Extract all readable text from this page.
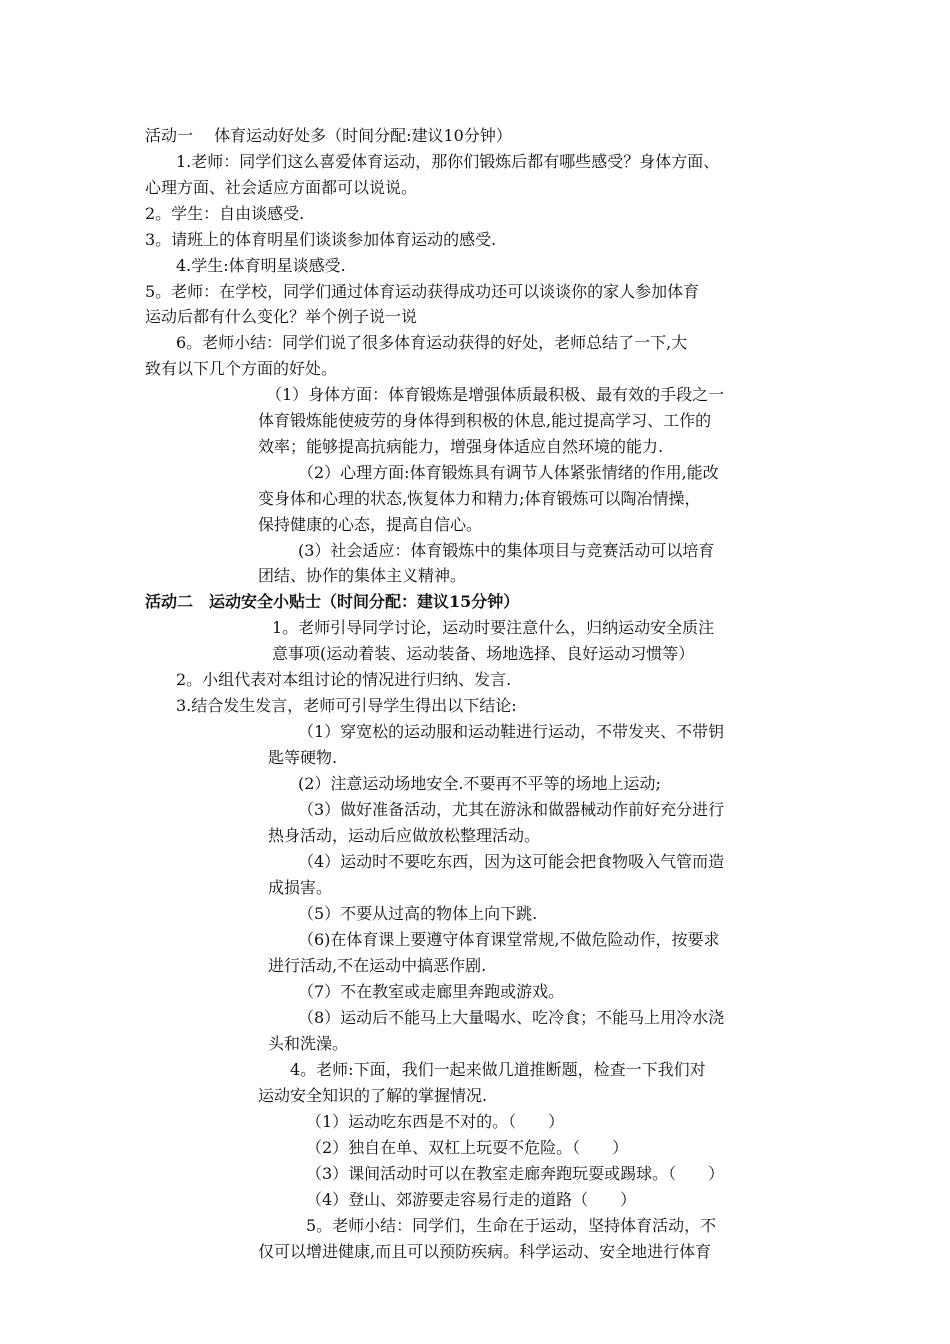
活动一　 体育运动好处多（时间分配:建议10分钟）
1.老师：同学们这么喜爱体育运动，那你们锻炼后都有哪些感受？身体方面、
心理方面、社会适应方面都可以说说。
2。学生：自由谈感受.
3。请班上的体育明星们谈谈参加体育运动的感受.
4.学生:体育明星谈感受.
5。老师：在学校，同学们通过体育运动获得成功还可以谈谈你的家人参加体育
运动后都有什么变化？举个例子说一说
6。老师小结：同学们说了很多体育运动获得的好处，老师总结了一下,大
致有以下几个方面的好处。
（1）身体方面：体育锻炼是增强体质最积极、最有效的手段之一
体育锻炼能使疲劳的身体得到积极的休息,能过提高学习、工作的
效率；能够提高抗病能力，增强身体适应自然环境的能力.
（2）心理方面:体育锻炼具有调节人体紧张情绪的作用,能改
变身体和心理的状态,恢复体力和精力;体育锻炼可以陶冶情操，
保持健康的心态，提高自信心。
(3）社会适应：体育锻炼中的集体项目与竞赛活动可以培育
团结、协作的集体主义精神。
活动二　运动安全小贴士（时间分配：建议15分钟）
1。老师引导同学讨论，运动时要注意什么，归纳运动安全质注
意事项(运动着装、运动装备、场地选择、良好运动习惯等）
2。小组代表对本组讨论的情况进行归纳、发言.
3.结合发生发言，老师可引导学生得出以下结论:
（1）穿宽松的运动服和运动鞋进行运动，不带发夹、不带钥
匙等硬物.
(2）注意运动场地安全.不要再不平等的场地上运动;
（3）做好准备活动，尤其在游泳和做器械动作前好充分进行
热身活动，运动后应做放松整理活动。
（4）运动时不要吃东西，因为这可能会把食物吸入气管而造
成损害。
（5）不要从过高的物体上向下跳.
（6)在体育课上要遵守体育课堂常规,不做危险动作，按要求
进行活动,不在运动中搞恶作剧.
（7）不在教室或走廊里奔跑或游戏。
（8）运动后不能马上大量喝水、吃冷食；不能马上用冷水浇
头和洗澡。
4。老师:下面，我们一起来做几道推断题，检查一下我们对
运动安全知识的了解的掌握情况.
（1）运动吃东西是不对的。（　　）
（2）独自在单、双杠上玩耍不危险。（　　）
（3）课间活动时可以在教室走廊奔跑玩耍或踢球。（　　）
（4）登山、郊游要走容易行走的道路（　　）
5。老师小结：同学们，生命在于运动，坚持体育活动，不
仅可以增进健康,而且可以预防疾病。科学运动、安全地进行体育
